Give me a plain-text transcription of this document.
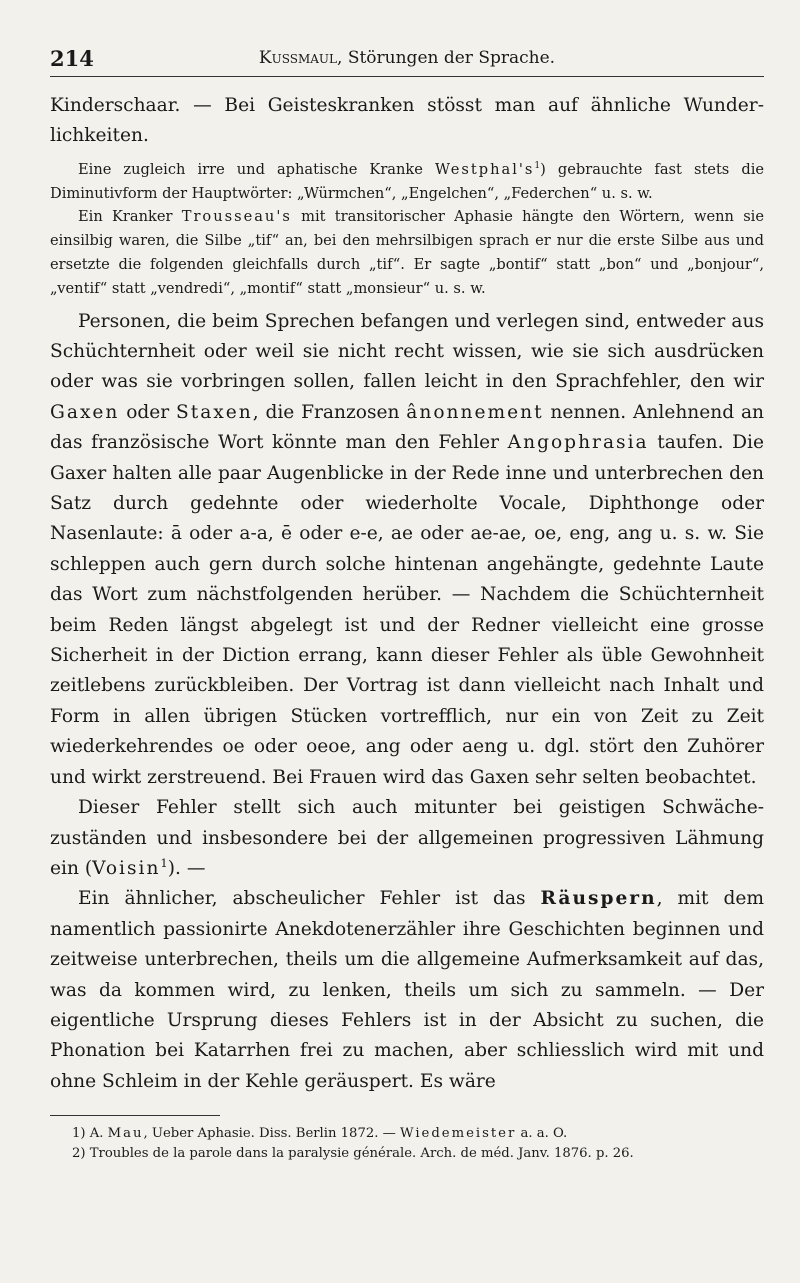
214	Kussmaul, Störungen der Sprache.

Kinderschaar. — Bei Geisteskranken stösst man auf ähnliche Wunderlichkeiten.

Eine zugleich irre und aphatische Kranke $Westphal's^1$) gebrauchte fast stets die Diminutivform der Hauptwörter: „Würmchen“, „Engelchen“, „Federchen“ u. s. w.

Ein Kranker Trousseau's mit transitorischer Aphasie hängte den Wörtern, wenn sie einsilbig waren, die Silbe „tif“ an, bei den mehrsilbigen sprach er nur die erste Silbe aus und ersetzte die folgenden gleichfalls durch „tif“. Er sagte „bontif“ statt „bon“ und „bonjour“, „ventif“ statt „vendredi“, „montif“ statt „monsieur“ u. s. w.

Personen, die beim Sprechen befangen und verlegen sind, entweder aus Schüchternheit oder weil sie nicht recht wissen, wie sie sich ausdrücken oder was sie vorbringen sollen, fallen leicht in den Sprachfehler, den wir Gaxen oder Staxen, die Franzosen ânonnement nennen. Anlehnend an das französische Wort könnte man den Fehler Angophrasia taufen. Die Gaxer halten alle paar Augenblicke in der Rede inne und unterbrechen den Satz durch gedehnte oder wiederholte Vocale, Diphthonge oder Nasenlaute: ā oder a-a, ē oder e-e, ae oder ae-ae, oe, eng, ang u. s. w. Sie schleppen auch gern durch solche hintenan angehängte, gedehnte Laute das Wort zum nächstfolgenden herüber. — Nachdem die Schüchternheit beim Reden längst abgelegt ist und der Redner vielleicht eine grosse Sicherheit in der Diction errang, kann dieser Fehler als üble Gewohnheit zeitlebens zurückbleiben. Der Vortrag ist dann vielleicht nach Inhalt und Form in allen übrigen Stücken vortrefflich, nur ein von Zeit zu Zeit wiederkehrendes oe oder oeoe, ang oder aeng u. dgl. stört den Zuhörer und wirkt zerstreuend. Bei Frauen wird das Gaxen sehr selten beobachtet.

Dieser Fehler stellt sich auch mitunter bei geistigen Schwächezuständen und insbesondere bei der allgemeinen progressiven Lähmung ein (Voisin$^1$). —

Ein ähnlicher, abscheulicher Fehler ist das Räuspern, mit dem namentlich passionirte Anekdotenerzähler ihre Geschichten beginnen und zeitweise unterbrechen, theils um die allgemeine Aufmerksamkeit auf das, was da kommen wird, zu lenken, theils um sich zu sammeln. — Der eigentliche Ursprung dieses Fehlers ist in der Absicht zu suchen, die Phonation bei Katarrhen frei zu machen, aber schliesslich wird mit und ohne Schleim in der Kehle geräuspert. Es wäre

1) A. Mau, Ueber Aphasie. Diss. Berlin 1872. — Wiedemeister a. a. O.

2) Troubles de la parole dans la paralysie générale. Arch. de méd. Janv. 1876. p. 26.
